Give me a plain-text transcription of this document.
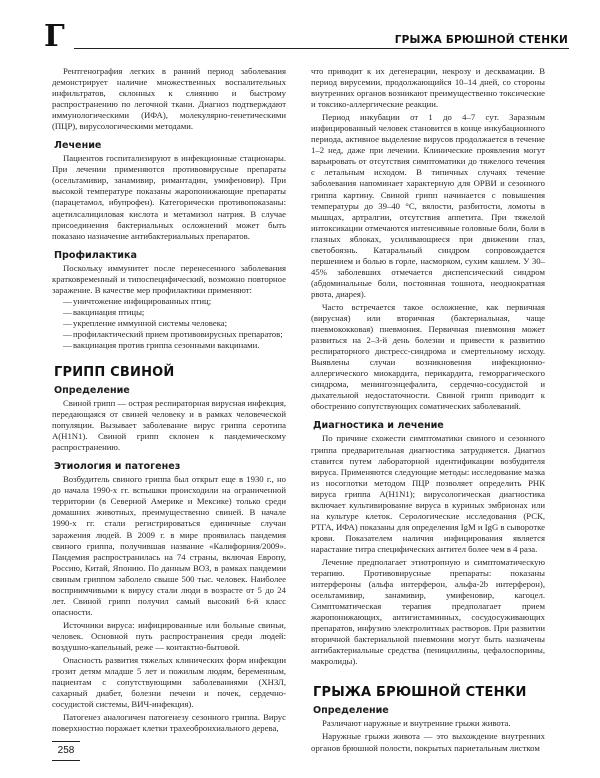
Г	ГРЫЖА БРЮШНОЙ СТЕНКИ

Рентгенография легких в ранний период заболевания демонстрирует наличие множественных воспалительных инфильтратов, склонных к слиянию и быстрому распространению по легочной ткани. Диагноз подтверждают иммунологическими (ИФА), молекулярно-генетическими (ПЦР), вирусологическими методами.

Лечение

Пациентов госпитализируют в инфекционные стационары. При лечении применяются противовирусные препараты (осельтамивир, занамивир, римантадин, умифеновир). При высокой температуре показаны жаропонижающие препараты (парацетамол, ибупрофен). Категорически противопоказаны: ацетилсалициловая кислота и метамизол натрия. В случае присоединения бактериальных осложнений может быть показано назначение антибактериальных препаратов.

Профилактика

Поскольку иммунитет после перенесенного заболевания кратковременный и типоспецифический, возможно повторное заражение. В качестве мер профилактики применяют:

— уничтожение инфицированных птиц;
— вакцинация птицы;
— укрепление иммунной системы человека;
— профилактический прием противовирусных препаратов;
— вакцинация против гриппа сезонными вакцинами.
ГРИПП СВИНОЙ
Определение

Свиной грипп — острая респираторная вирусная инфекция, передающаяся от свиней человеку и в рамках человеческой популяции. Вызывает заболевание вирус гриппа серотипа A(H1N1). Свиной грипп склонен к пандемическому распространению.

Этиология и патогенез

Возбудитель свиного гриппа был открыт еще в 1930 г., но до начала 1990-х гг. вспышки происходили на ограниченной территории (в Северной Америке и Мексике) только среди домашних животных, преимущественно свиней. В начале 1990-х гг. стали регистрироваться единичные случаи заражения людей. В 2009 г. в мире проявилась пандемия свиного гриппа, получившая название «Калифорния/2009». Пандемия распространилась на 74 страны, включая Европу, Россию, Китай, Японию. По данным ВОЗ, в рамках пандемии свиным гриппом заболело свыше 500 тыс. человек. Наиболее восприимчивыми к вирусу стали люди в возрасте от 5 до 24 лет. Свиной грипп получил самый высокий 6-й класс опасности.

Источники вируса: инфицированные или больные свиньи, человек. Основной путь распространения среди людей: воздушно-капельный, реже — контактно-бытовой.

Опасность развития тяжелых клинических форм инфекции грозит детям младше 5 лет и пожилым людям, беременным, пациентам с сопутствующими заболеваниями (ХНЗЛ, сахарный диабет, болезни печени и почек, сердечно-сосудистой системы, ВИЧ-инфекция).

Патогенез аналогичен патогенезу сезонного гриппа. Вирус поверхностно поражает клетки трахеобронхиального дерева,

что приводит к их дегенерации, некрозу и десквамации. В период вирусемии, продолжающийся 10–14 дней, со стороны внутренних органов возникают преимущественно токсические и токсико-аллергические реакции.

Период инкубации от 1 до 4–7 сут. Заразным инфицированный человек становится в конце инкубационного периода, активное выделение вирусов продолжается в течение 1–2 нед, даже при лечении. Клинические проявления могут варьировать от отсутствия симптоматики до тяжелого течения с летальным исходом. В типичных случаях течение заболевания напоминает характерную для ОРВИ и сезонного гриппа картину. Свиной грипп начинается с повышения температуры до 39–40 °С, вялости, разбитости, ломоты в мышцах, артралгии, отсутствия аппетита. При тяжелой интоксикации отмечаются интенсивные головные боли, боли в глазных яблоках, усиливающиеся при движении глаз, светобоязнь. Катаральный синдром сопровождается першением и болью в горле, насморком, сухим кашлем. У 30–45% заболевших отмечается диспепсический синдром (абдоминальные боли, постоянная тошнота, неоднократная рвота, диарея).

Часто встречается такое осложнение, как первичная (вирусная) или вторичная (бактериальная, чаще пневмококковая) пневмония. Первичная пневмония может развиться на 2–3-й день болезни и привести к развитию респираторного дистресс-синдрома и смертельному исходу. Выявлены случаи возникновения инфекционно-аллергического миокардита, перикардита, геморрагического синдрома, менингоэнцефалита, сердечно-сосудистой и дыхательной недостаточности. Свиной грипп приводит к обострению сопутствующих соматических заболеваний.

Диагностика и лечение

По причине схожести симптоматики свиного и сезонного гриппа предварительная диагностика затрудняется. Диагноз ставится путем лабораторной идентификации возбудителя вируса. Применяются следующие методы: исследование мазка из носоглотки методом ПЦР позволяет определить РНК вируса гриппа A(H1N1); вирусологическая диагностика включает культивирование вируса в куриных эмбрионах или на культуре клеток. Серологические исследования (РСК, РТГА, ИФА) показаны для определения IgM и IgG в сыворотке крови. Показателем наличия инфицирования является нарастание титра специфических антител более чем в 4 раза.

Лечение предполагает этиотропную и симптоматическую терапию. Противовирусные препараты: показаны интерфероны (альфа интерферон, альфа-2b интерферон), осельтамивир, занамивир, умифеновир, кагоцел. Симптоматическая терапия предполагает прием жаропонижающих, антигистаминных, сосудосуживающих препаратов, инфузию электролитных растворов. При развитии вторичной бактериальной пневмонии могут быть назначены антибактериальные средства (пенициллины, цефалоспорины, макролиды).

ГРЫЖА БРЮШНОЙ СТЕНКИ
Определение

Различают наружные и внутренние грыжи живота.

Наружные грыжи живота — это выхождение внутренних органов брюшной полости, покрытых париетальным листком

258
